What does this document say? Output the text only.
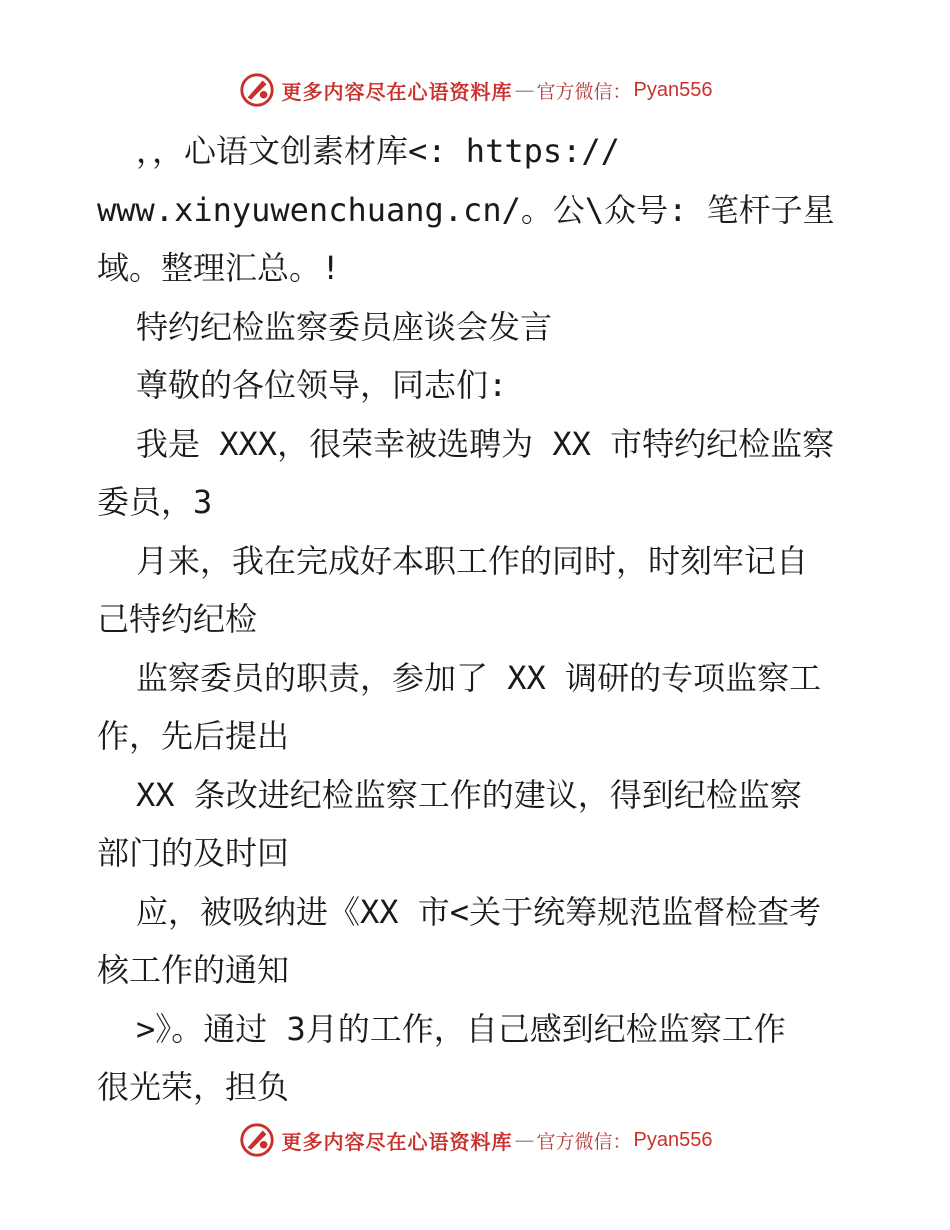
更多内容尽在心语资料库 — 官方微信： Pyan556
，，心语文创素材库<: https://
www.xinyuwenchuang.cn/。公\众号: 笔杆子星
域。整理汇总。!
特约纪检监察委员座谈会发言
尊敬的各位领导，同志们:
我是 XXX，很荣幸被选聘为 XX 市特约纪检监察
委员，3
月来，我在完成好本职工作的同时，时刻牢记自
己特约纪检
监察委员的职责，参加了 XX 调研的专项监察工
作，先后提出
XX 条改进纪检监察工作的建议，得到纪检监察
部门的及时回
应，被吸纳进《XX 市<关于统筹规范监督检查考
核工作的通知
>》。通过 3月的工作，自己感到纪检监察工作
很光荣，担负
更多内容尽在心语资料库 — 官方微信： Pyan556
